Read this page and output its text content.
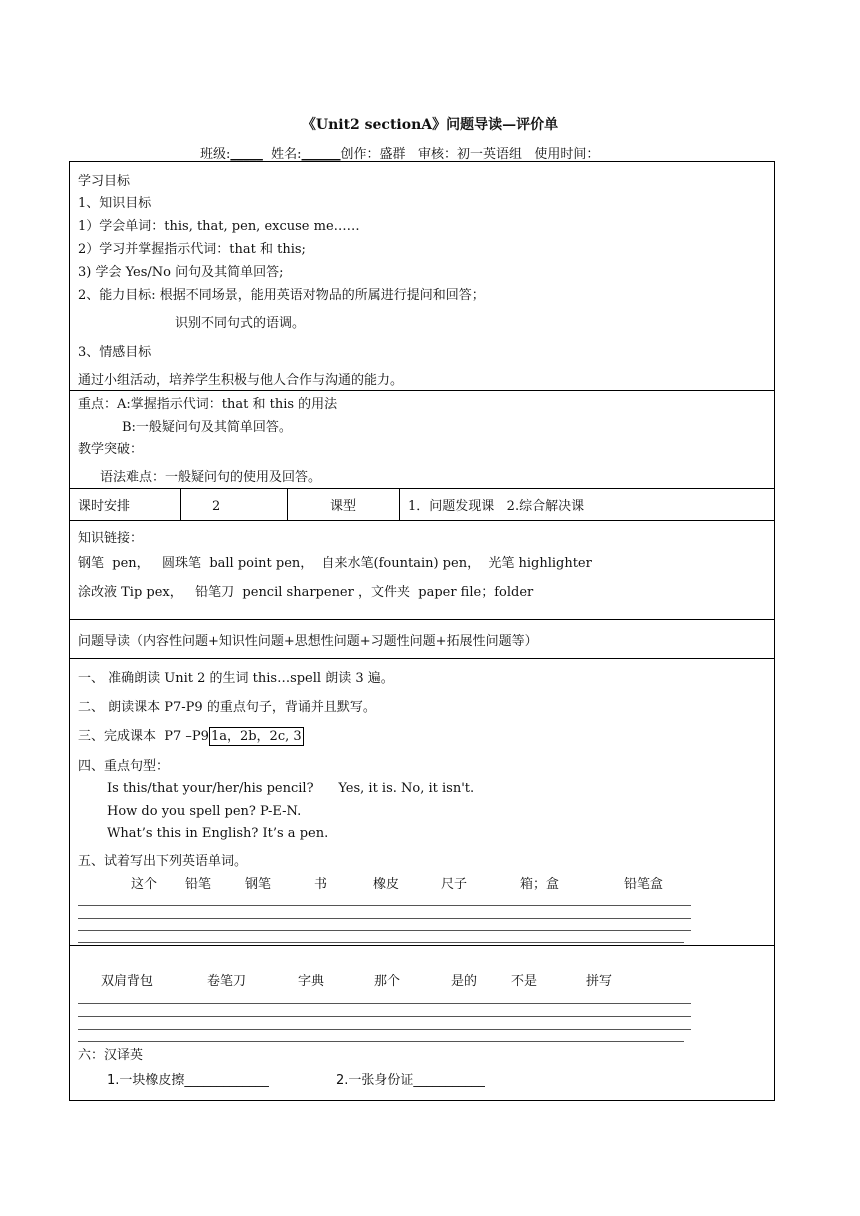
《Unit2 sectionA》问题导读—评价单
班级:_____ 姓名:______创作：盛群 审核：初一英语组 使用时间：
学习目标
1、知识目标
1）学会单词：this, that, pen, excuse me……
2）学习并掌握指示代词：that 和 this;
3) 学会 Yes/No 问句及其简单回答;
2、能力目标: 根据不同场景，能用英语对物品的所属进行提问和回答；
识别不同句式的语调。
3、情感目标
通过小组活动，培养学生积极与他人合作与沟通的能力。
重点：A:掌握指示代词：that 和 this 的用法
B:一般疑问句及其简单回答。
教学突破：
语法难点：一般疑问句的使用及回答。
课时安排	2	课型	1．问题发现课   2.综合解决课
知识链接：
钢笔  pen，   圆珠笔  ball point pen，  自来水笔(fountain) pen，  光笔 highlighter
涂改液 Tip pex，   铅笔刀  pencil sharpener ，文件夹  paper file；folder
问题导读（内容性问题+知识性问题+思想性问题+习题性问题+拓展性问题等）
一、 准确朗读 Unit 2 的生词 this…spell 朗读 3 遍。
二、 朗读课本 P7-P9 的重点句子，背诵并且默写。
三、完成课本  P7 –P9 1a，2b，2c, 3
四、重点句型：
Is this/that your/her/his pencil?      Yes, it is. No, it isn't.
How do you spell pen? P-E-N.
What’s this in English? It’s a pen.
五、试着写出下列英语单词。
这个 铅笔	钢笔	书	橡皮	尺子	箱；盒	铅笔盒
双肩背包	卷笔刀	字典	那个	是的	不是	拼写
六：汉译英
1.一块橡皮擦_____________	2.一张身份证___________
